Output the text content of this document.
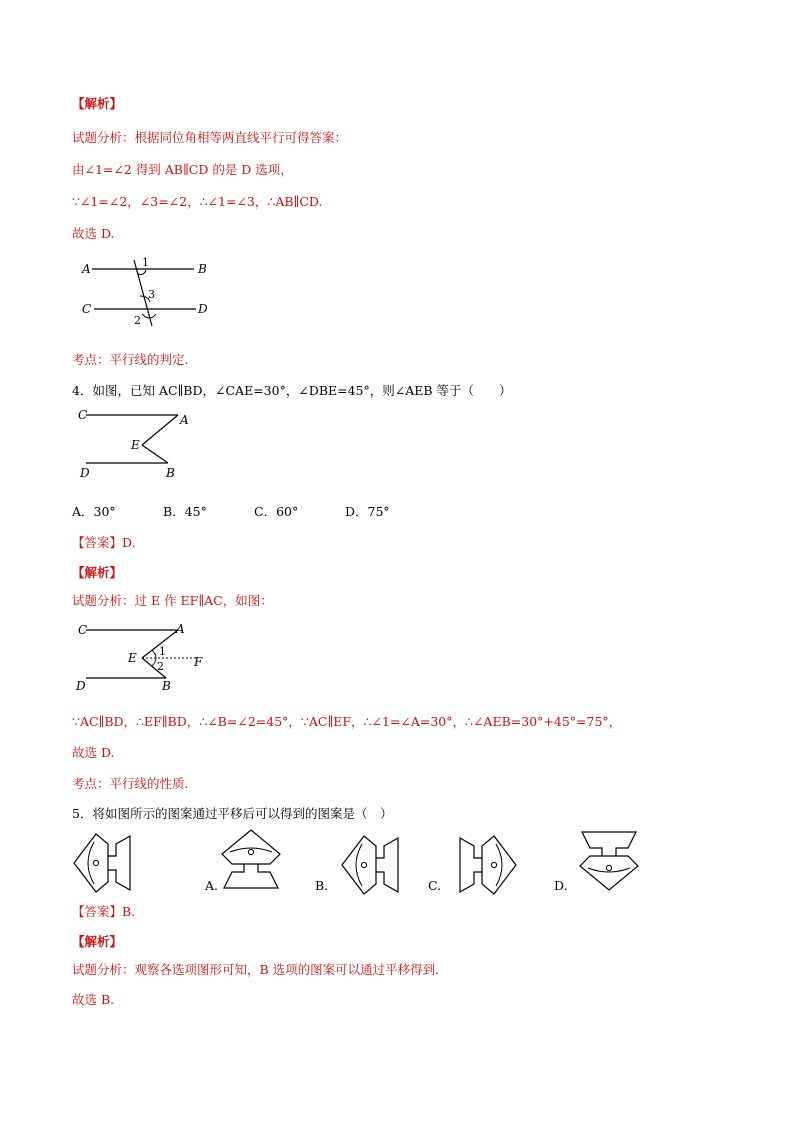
【解析】
试题分析：根据同位角相等两直线平行可得答案：
由∠1=∠2 得到 AB∥CD 的是 D 选项，
∵∠1=∠2，∠3=∠2，∴∠1=∠3，∴AB∥CD.
故选 D.
A	B
C	D
1
3
2
考点：平行线的判定.
4．如图，已知 AC∥BD，∠CAE=30°，∠DBE=45°，则∠AEB 等于（　　）
C	A
E
D	B
A．30°	B．45°	C．60°	D．75°
【答案】D.
【解析】
试题分析：过 E 作 EF∥AC，如图：
C	A
E	F
D	B
1
2
∵AC∥BD，∴EF∥BD，∴∠B=∠2=45°，∵AC∥EF，∴∠1=∠A=30°，∴∠AEB=30°+45°=75°，
故选 D.
考点：平行线的性质.
5．将如图所示的图案通过平移后可以得到的图案是（　）
A.	B.	C.	D.
【答案】B.
【解析】
试题分析：观察各选项图形可知，B 选项的图案可以通过平移得到.
故选 B.
